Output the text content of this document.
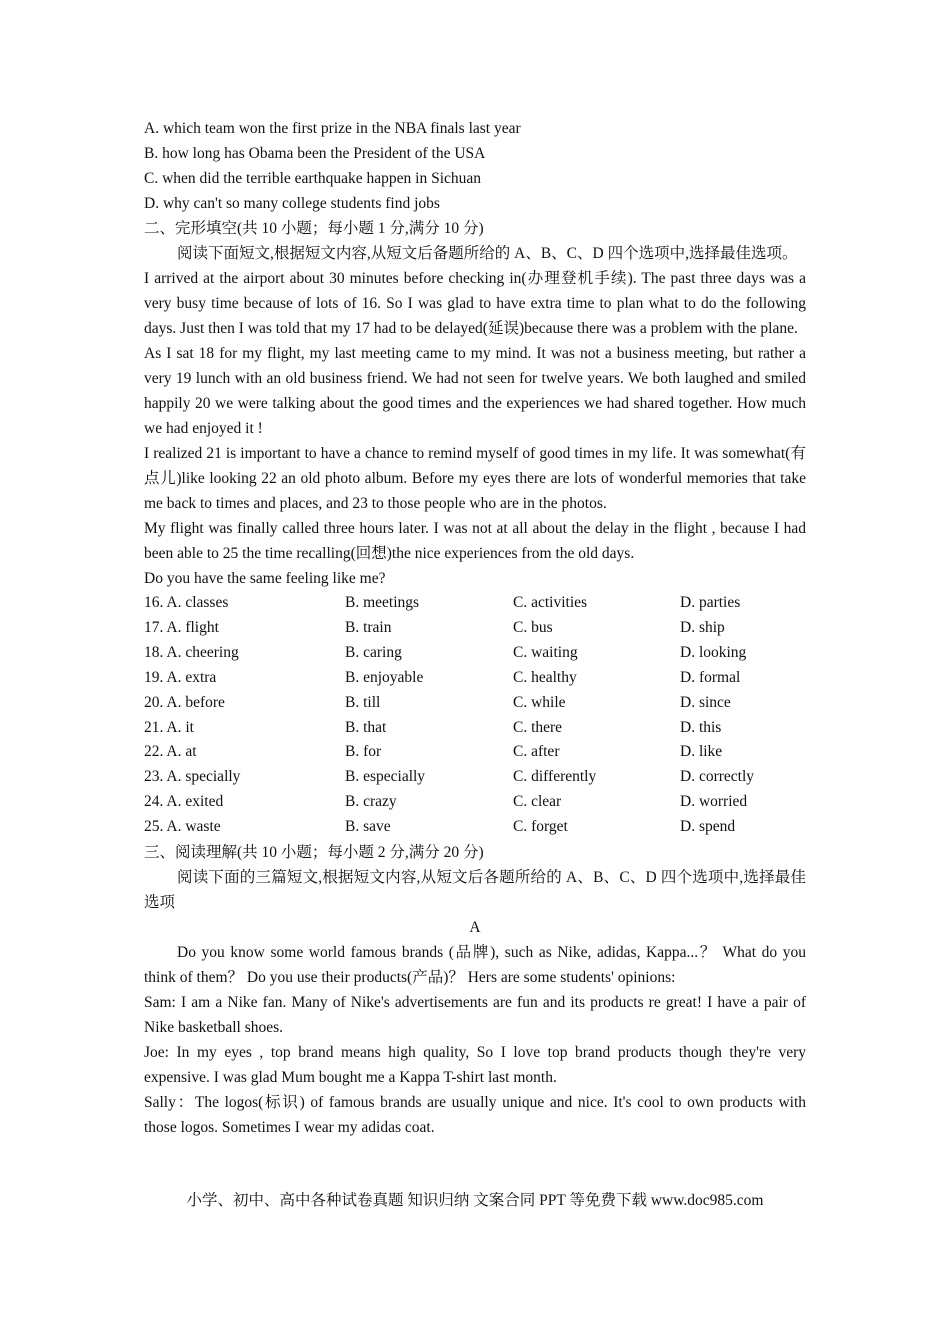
A. which team won the first prize in the NBA finals last year

B. how long has Obama been the President of the USA

C. when did the terrible earthquake happen in Sichuan

D. why can't so many college students find jobs

二、完形填空(共 10 小题；每小题 1 分,满分 10 分)

阅读下面短文,根据短文内容,从短文后备题所给的 A、B、C、D 四个选项中,选择最佳选项。

I arrived at the airport about 30 minutes before checking in(办理登机手续). The past three days was a very busy time because of lots of 16. So I was glad to have extra time to plan what to do the following days. Just then I was told that my 17 had to be delayed(延误)because there was a problem with the plane.

As I sat 18 for my flight, my last meeting came to my mind. It was not a business meeting, but rather a very 19 lunch with an old business friend. We had not seen for twelve years. We both laughed and smiled happily 20 we were talking about the good times and the experiences we had shared together. How much we had enjoyed it !

I realized 21 is important to have a chance to remind myself of good times in my life. It was somewhat(有点儿)like looking 22 an old photo album. Before my eyes there are lots of wonderful memories that take me back to times and places, and 23 to those people who are in the photos.

My flight was finally called three hours later. I was not at all about the delay in the flight , because I had been able to 25 the time recalling(回想)the nice experiences from the old days.

Do you have the same feeling like me?

16. A. classes	B. meetings	C. activities	D. parties
17. A. flight	B. train	C. bus	D. ship
18. A. cheering	B. caring	C. waiting	D. looking
19. A. extra	B. enjoyable	C. healthy	D. formal
20. A. before	B. till	C. while	D. since
21. A. it	B. that	C. there	D. this
22. A. at	B. for	C. after	D. like
23. A. specially	B. especially	C. differently	D. correctly
24. A. exited	B. crazy	C. clear	D. worried
25. A. waste	B. save	C. forget	D. spend

三、阅读理解(共 10 小题；每小题 2 分,满分 20 分)

阅读下面的三篇短文,根据短文内容,从短文后各题所给的 A、B、C、D 四个选项中,选择最佳选项

A

Do you know some world famous brands (品牌), such as Nike, adidas, Kappa...？ What do you think of them？ Do you use their products(产品)？ Hers are some students' opinions:

Sam: I am a Nike fan. Many of Nike's advertisements are fun and its products re great! I have a pair of Nike basketball shoes.

Joe: In my eyes , top brand means high quality, So I love top brand products though they're very expensive. I was glad Mum bought me a Kappa T-shirt last month.

Sally：The logos(标识) of famous brands are usually unique and nice. It's cool to own products with those logos. Sometimes I wear my adidas coat.

小学、初中、高中各种试卷真题 知识归纳 文案合同 PPT 等免费下载 www.doc985.com
